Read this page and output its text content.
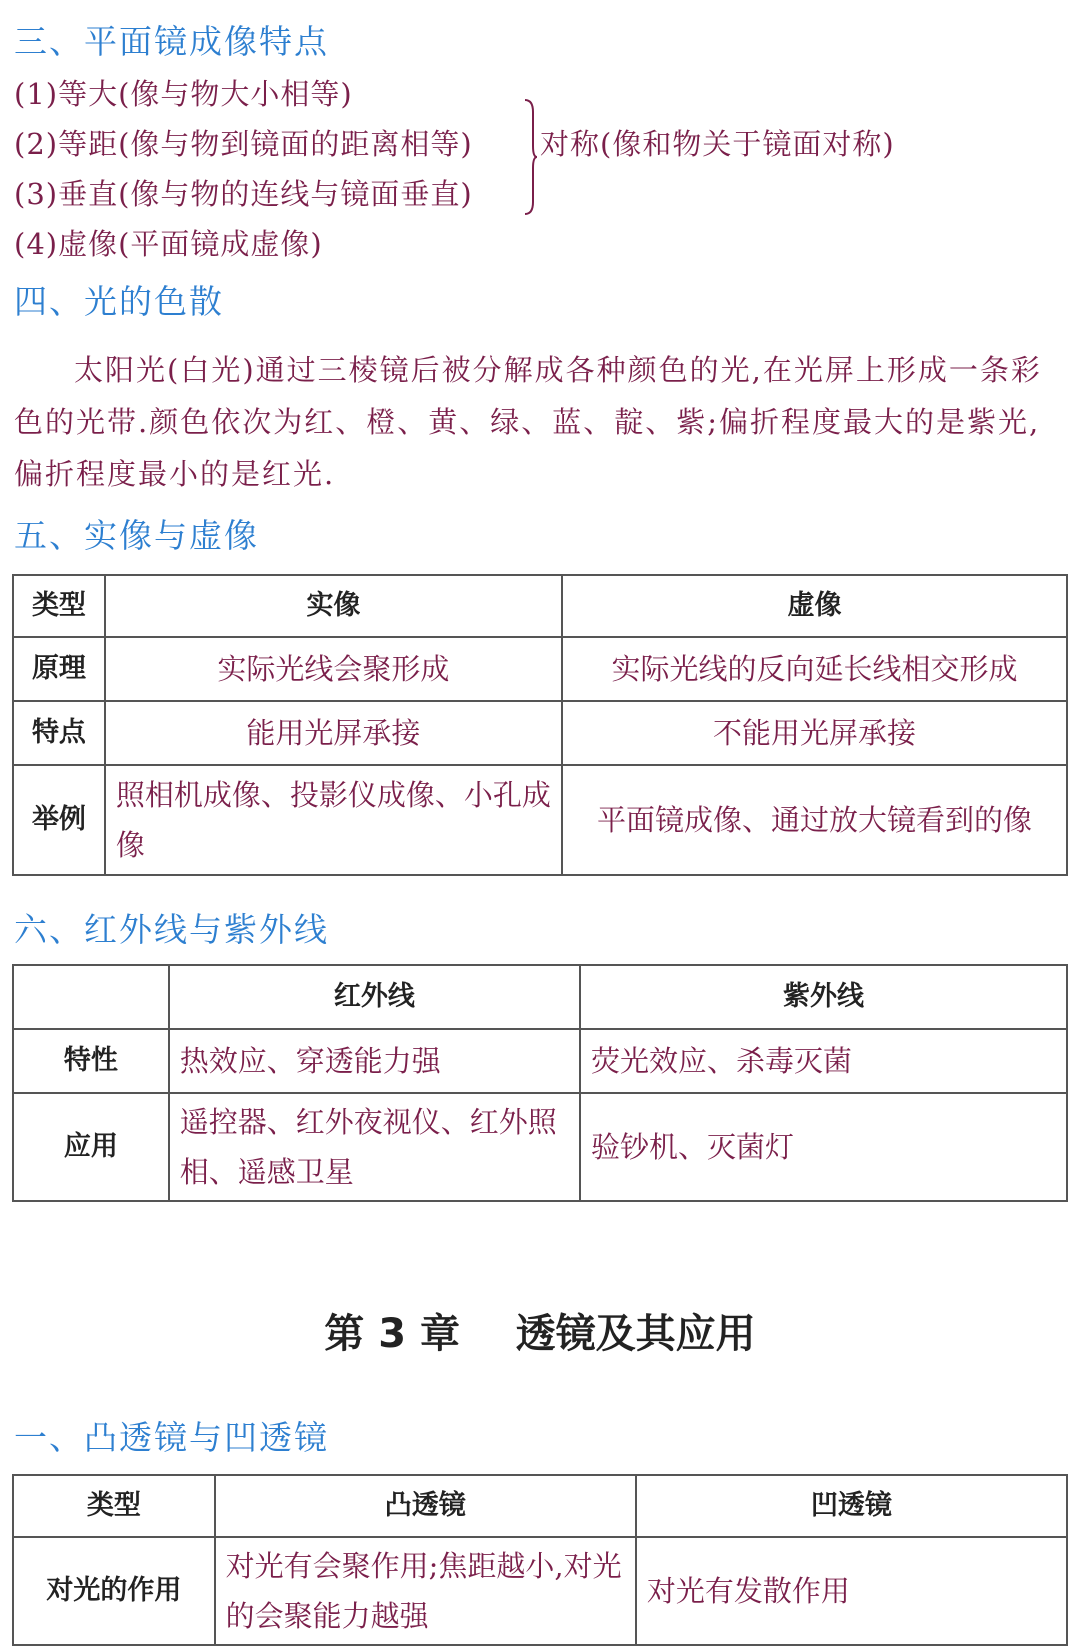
三、平面镜成像特点
(1)等大(像与物大小相等)
(2)等距(像与物到镜面的距离相等)
(3)垂直(像与物的连线与镜面垂直)
(4)虚像(平面镜成虚像)
对称(像和物关于镜面对称)
四、光的色散
太阳光(白光)通过三棱镜后被分解成各种颜色的光,在光屏上形成一条彩色的光带.颜色依次为红、橙、黄、绿、蓝、靛、紫;偏折程度最大的是紫光,偏折程度最小的是红光.
五、实像与虚像
类型	实像	虚像
原理	实际光线会聚形成	实际光线的反向延长线相交形成
特点	能用光屏承接	不能用光屏承接
举例	照相机成像、投影仪成像、小孔成像	平面镜成像、通过放大镜看到的像
六、红外线与紫外线
	红外线	紫外线
特性	热效应、穿透能力强	荧光效应、杀毒灭菌
应用	遥控器、红外夜视仪、红外照相、遥感卫星	验钞机、灭菌灯
第 3 章    透镜及其应用
一、凸透镜与凹透镜
类型	凸透镜	凹透镜
对光的作用	对光有会聚作用;焦距越小,对光的会聚能力越强	对光有发散作用
